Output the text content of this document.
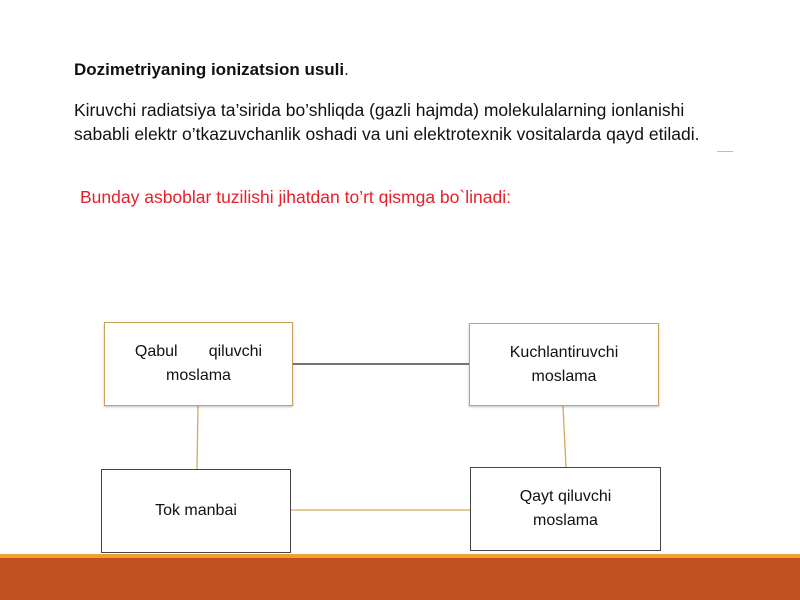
Dozimetriyaning ionizatsion usuli.
Kiruvchi radiatsiya ta’sirida bo’shliqda (gazli hajmda) molekulalarning ionlanishi sababli elektr o’tkazuvchanlik oshadi va uni elektrotexnik vositalarda qayd etiladi.
Bunday asboblar tuzilishi jihatdan to’rt qismga bo`linadi:
Qabul       qiluvchi
moslama
Kuchlantiruvchi
moslama
Tok manbai
Qayt qiluvchi
moslama
